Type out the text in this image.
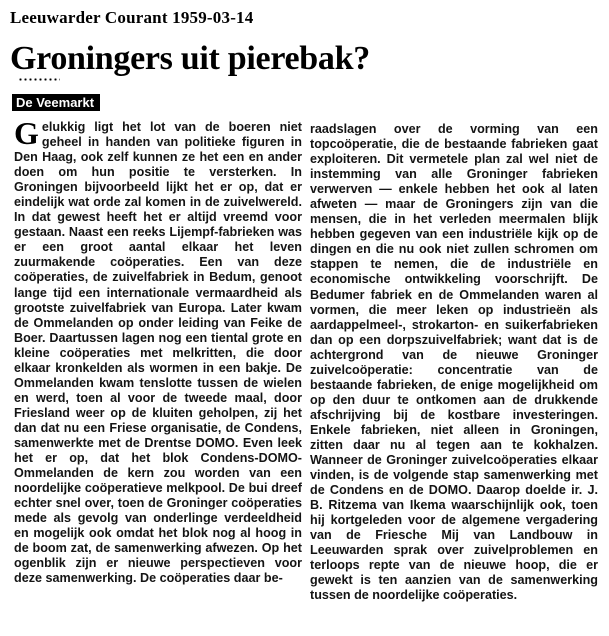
Leeuwarder Courant 1959-03-14
Groningers uit pierebak?
De Veemarkt

Gelukkig ligt het lot van de boeren niet geheel in handen van politieke figuren in Den Haag, ook zelf kunnen ze het een en ander doen om hun positie te versterken. In Groningen bijvoorbeeld lijkt het er op, dat er eindelijk wat orde zal komen in de zuivelwereld. In dat gewest heeft het er altijd vreemd voor gestaan. Naast een reeks Lijempf-fabrieken was er een groot aantal elkaar het leven zuurmakende coöperaties. Een van deze coöperaties, de zuivelfabriek in Bedum, genoot lange tijd een internationale vermaardheid als grootste zuivelfabriek van Europa. Later kwam de Ommelanden op onder leiding van Feike de Boer. Daartussen lagen nog een tiental grote en kleine coöperaties met melkritten, die door elkaar kronkelden als wormen in een bakje. De Ommelanden kwam tenslotte tussen de wielen en werd, toen al voor de tweede maal, door Friesland weer op de kluiten geholpen, zij het dan dat nu een Friese organisatie, de Condens, samenwerkte met de Drentse DOMO. Even leek het er op, dat het blok Condens-DOMO-Ommelanden de kern zou worden van een noordelijke coöperatieve melkpool. De bui dreef echter snel over, toen de Groninger coöperaties mede als gevolg van onderlinge verdeeldheid en mogelijk ook omdat het blok nog al hoog in de boom zat, de samenwerking afwezen. Op het ogenblik zijn er nieuwe perspectieven voor deze samenwerking. De coöperaties daar be-

raadslagen over de vorming van een topcoöperatie, die de bestaande fabrieken gaat exploiteren. Dit vermetele plan zal wel niet de instemming van alle Groninger fabrieken verwerven — enkele hebben het ook al laten afweten — maar de Groningers zijn van die mensen, die in het verleden meermalen blijk hebben gegeven van een industriële kijk op de dingen en die nu ook niet zullen schromen om stappen te nemen, die de industriële en economische ontwikkeling voorschrijft. De Bedumer fabriek en de Ommelanden waren al vormen, die meer leken op industrieën als aardappelmeel-, strokarton- en suikerfabrieken dan op een dorpszuivelfabriek; want dat is de achtergrond van de nieuwe Groninger zuivelcoöperatie: concentratie van de bestaande fabrieken, de enige mogelijkheid om op den duur te ontkomen aan de drukkende afschrijving bij de kostbare investeringen. Enkele fabrieken, niet alleen in Groningen, zitten daar nu al tegen aan te kokhalzen. Wanneer de Groninger zuivelcoöperaties elkaar vinden, is de volgende stap samenwerking met de Condens en de DOMO. Daarop doelde ir. J. B. Ritzema van Ikema waarschijnlijk ook, toen hij kortgeleden voor de algemene vergadering van de Friesche Mij van Landbouw in Leeuwarden sprak over zuivelproblemen en terloops repte van de nieuwe hoop, die er gewekt is ten aanzien van de samenwerking tussen de noordelijke coöperaties.
